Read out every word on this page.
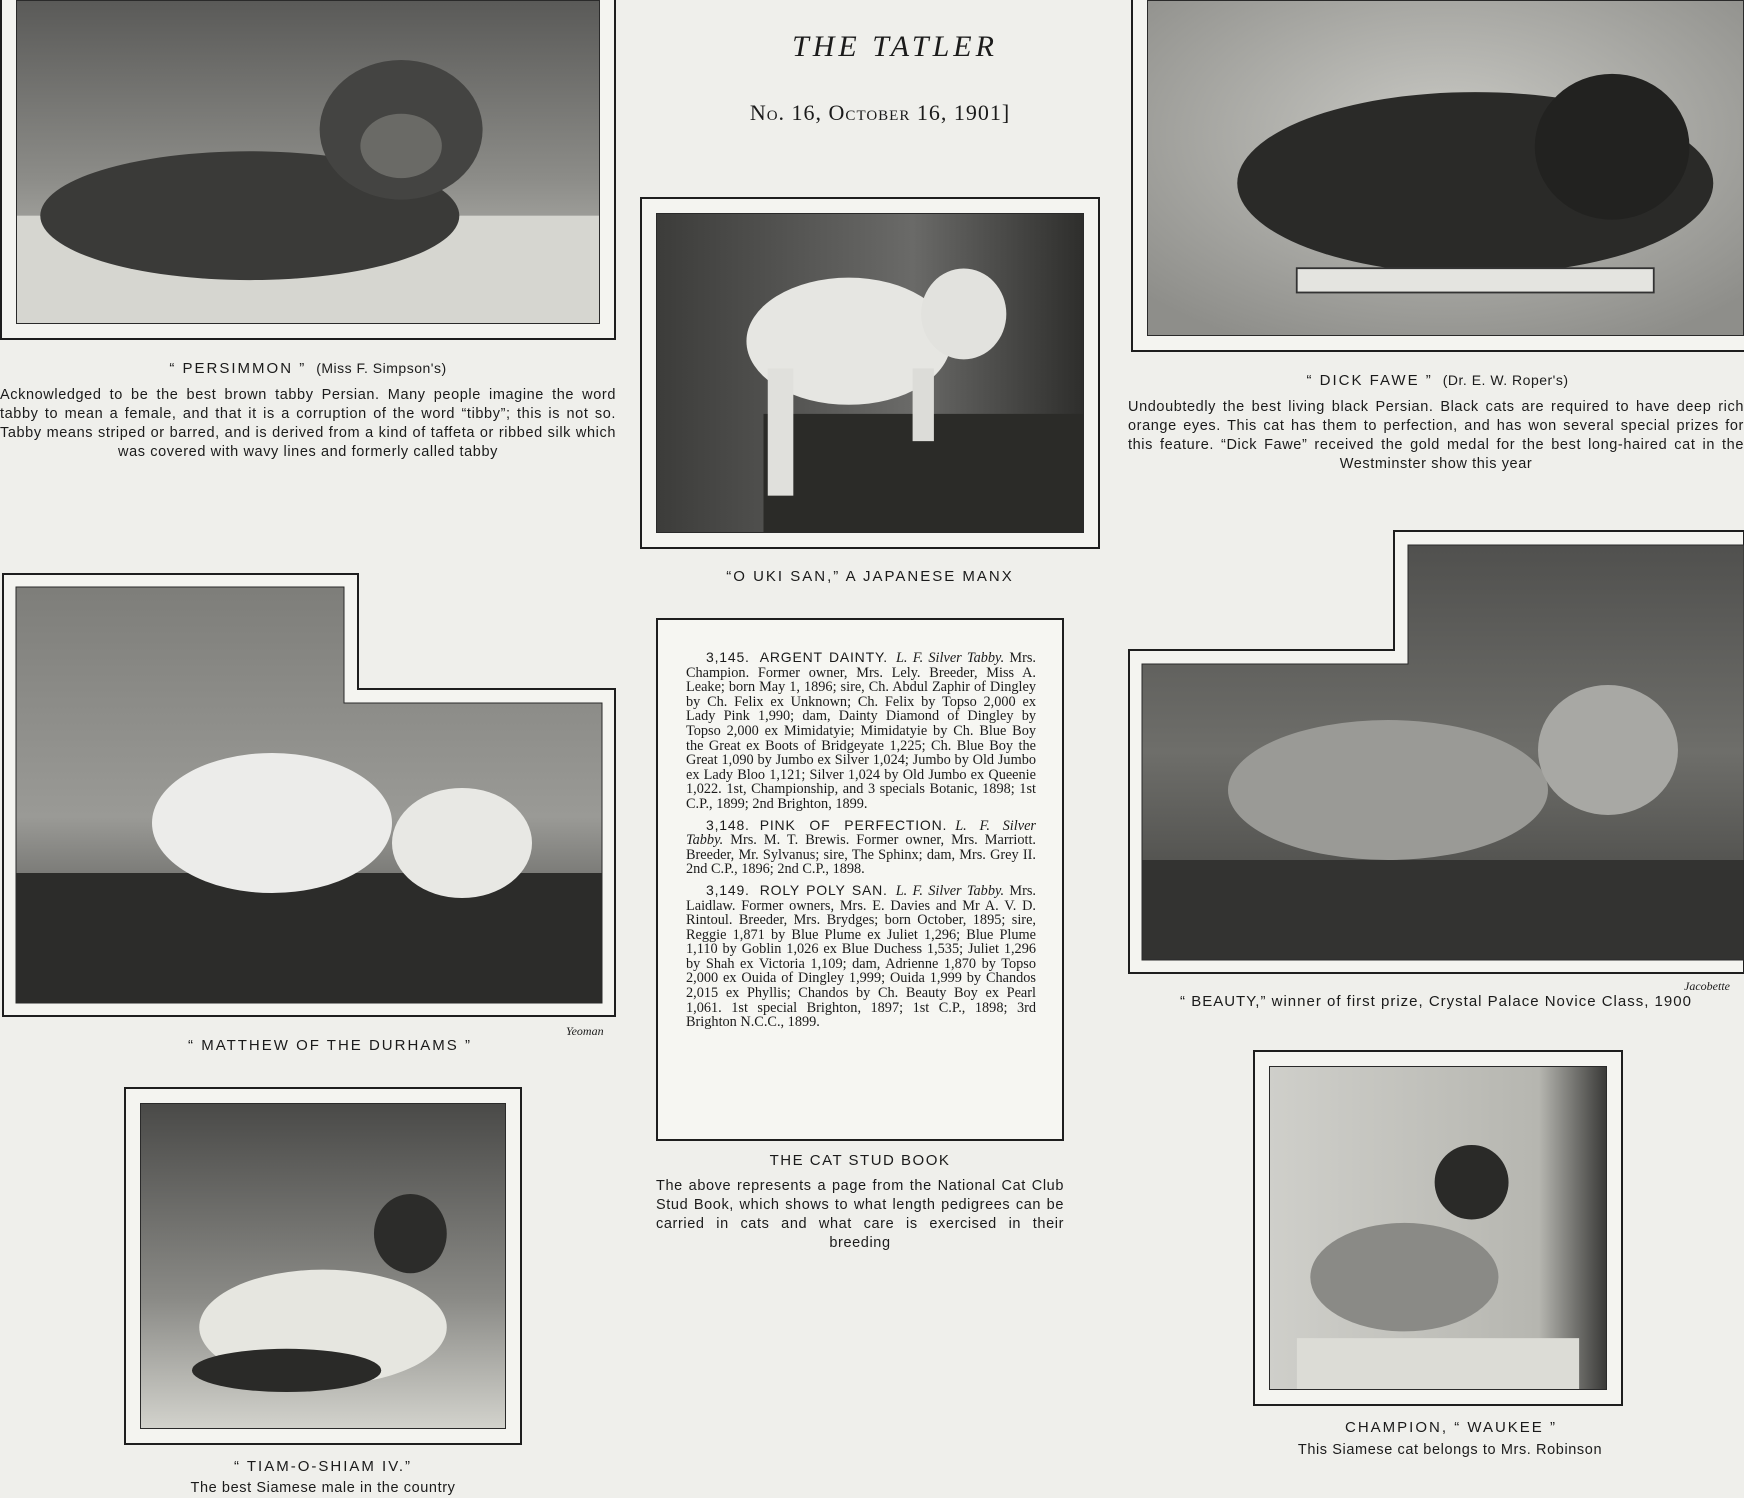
THE TATLER
No. 16, October 16, 1901]
“ PERSIMMON ” (Miss F. Simpson's)
Acknowledged to be the best brown tabby Persian. Many people imagine the word tabby to mean a female, and that it is a corruption of the word “tibby”; this is not so. Tabby means striped or barred, and is derived from a kind of taffeta or ribbed silk which was covered with wavy lines and formerly called tabby
“O UKI SAN,” A JAPANESE MANX
“ DICK FAWE ” (Dr. E. W. Roper's)
Undoubtedly the best living black Persian. Black cats are required to have deep rich orange eyes. This cat has them to perfection, and has won several special prizes for this feature. “Dick Fawe” received the gold medal for the best long-haired cat in the Westminster show this year
Yeoman
“ MATTHEW OF THE DURHAMS ”
Jacobette
“ BEAUTY,” winner of first prize, Crystal Palace Novice Class, 1900
“ TIAM-O-SHIAM IV.”
The best Siamese male in the country
CHAMPION, “ WAUKEE ”
This Siamese cat belongs to Mrs. Robinson

3,145. ARGENT DAINTY. L. F. Silver Tabby. Mrs. Champion. Former owner, Mrs. Lely. Breeder, Miss A. Leake; born May 1, 1896; sire, Ch. Abdul Zaphir of Dingley by Ch. Felix ex Unknown; Ch. Felix by Topso 2,000 ex Lady Pink 1,990; dam, Dainty Diamond of Dingley by Topso 2,000 ex Mimidatyie; Mimidatyie by Ch. Blue Boy the Great ex Boots of Bridgeyate 1,225; Ch. Blue Boy the Great 1,090 by Jumbo ex Silver 1,024; Jumbo by Old Jumbo ex Lady Bloo 1,121; Silver 1,024 by Old Jumbo ex Queenie 1,022. 1st, Championship, and 3 specials Botanic, 1898; 1st C.P., 1899; 2nd Brighton, 1899.

3,148. PINK OF PERFECTION. L. F. Silver Tabby. Mrs. M. T. Brewis. Former owner, Mrs. Marriott. Breeder, Mr. Sylvanus; sire, The Sphinx; dam, Mrs. Grey II. 2nd C.P., 1896; 2nd C.P., 1898.

3,149. ROLY POLY SAN. L. F. Silver Tabby. Mrs. Laidlaw. Former owners, Mrs. E. Davies and Mr A. V. D. Rintoul. Breeder, Mrs. Brydges; born October, 1895; sire, Reggie 1,871 by Blue Plume ex Juliet 1,296; Blue Plume 1,110 by Goblin 1,026 ex Blue Duchess 1,535; Juliet 1,296 by Shah ex Victoria 1,109; dam, Adrienne 1,870 by Topso 2,000 ex Ouida of Dingley 1,999; Ouida 1,999 by Chandos 2,015 ex Phyllis; Chandos by Ch. Beauty Boy ex Pearl 1,061. 1st special Brighton, 1897; 1st C.P., 1898; 3rd Brighton N.C.C., 1899.

THE CAT STUD BOOK
The above represents a page from the National Cat Club Stud Book, which shows to what length pedigrees can be carried in cats and what care is exercised in their breeding
